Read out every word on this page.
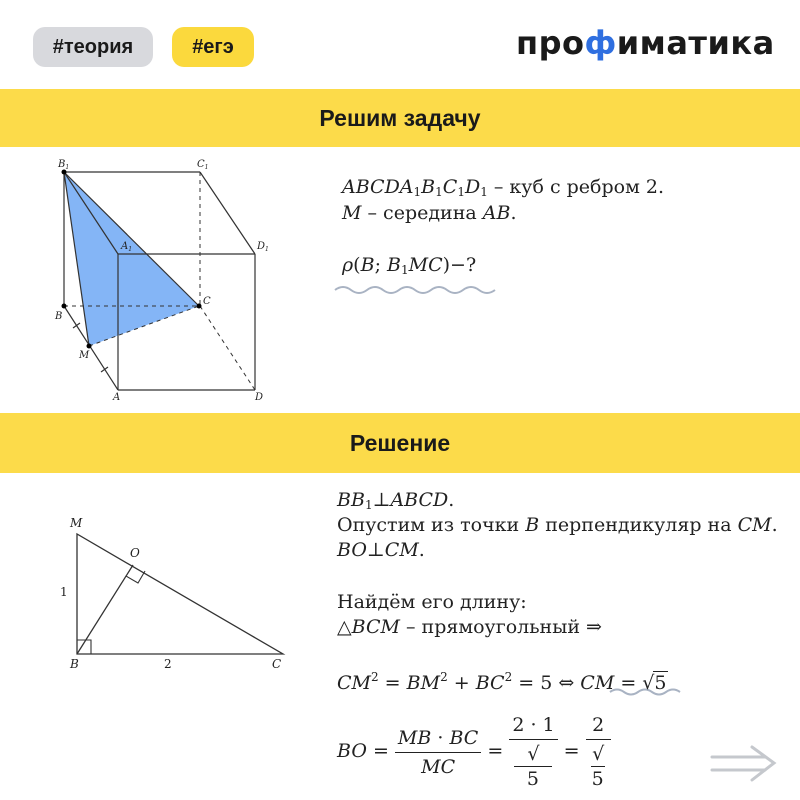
#теория	#егэ	профиматика
Решим задачу
Решение
$B_1$	$C_1$
$A_1$	$D_1$
B
C
M
A	D
M
O
B	C
1
2
$ABCDA_1B_1C_1D_1$ – куб с ребром 2.
M – середина AB.
ρ(B; $B_1MC)-$?
$BB_1\perp ABCD$.
Опустим из точки B перпендикуляр на CM.
BO⊥CM.
Найдём его длину:
△BCM – прямоугольный ⇒
$CM^2 = BM^2 + BC^2 = 5$ ⇔ CM = √5
BO = $\frac{MB \cdot BC}{MC} = 2 \cdot 1$
√
5 = 2
√
5
